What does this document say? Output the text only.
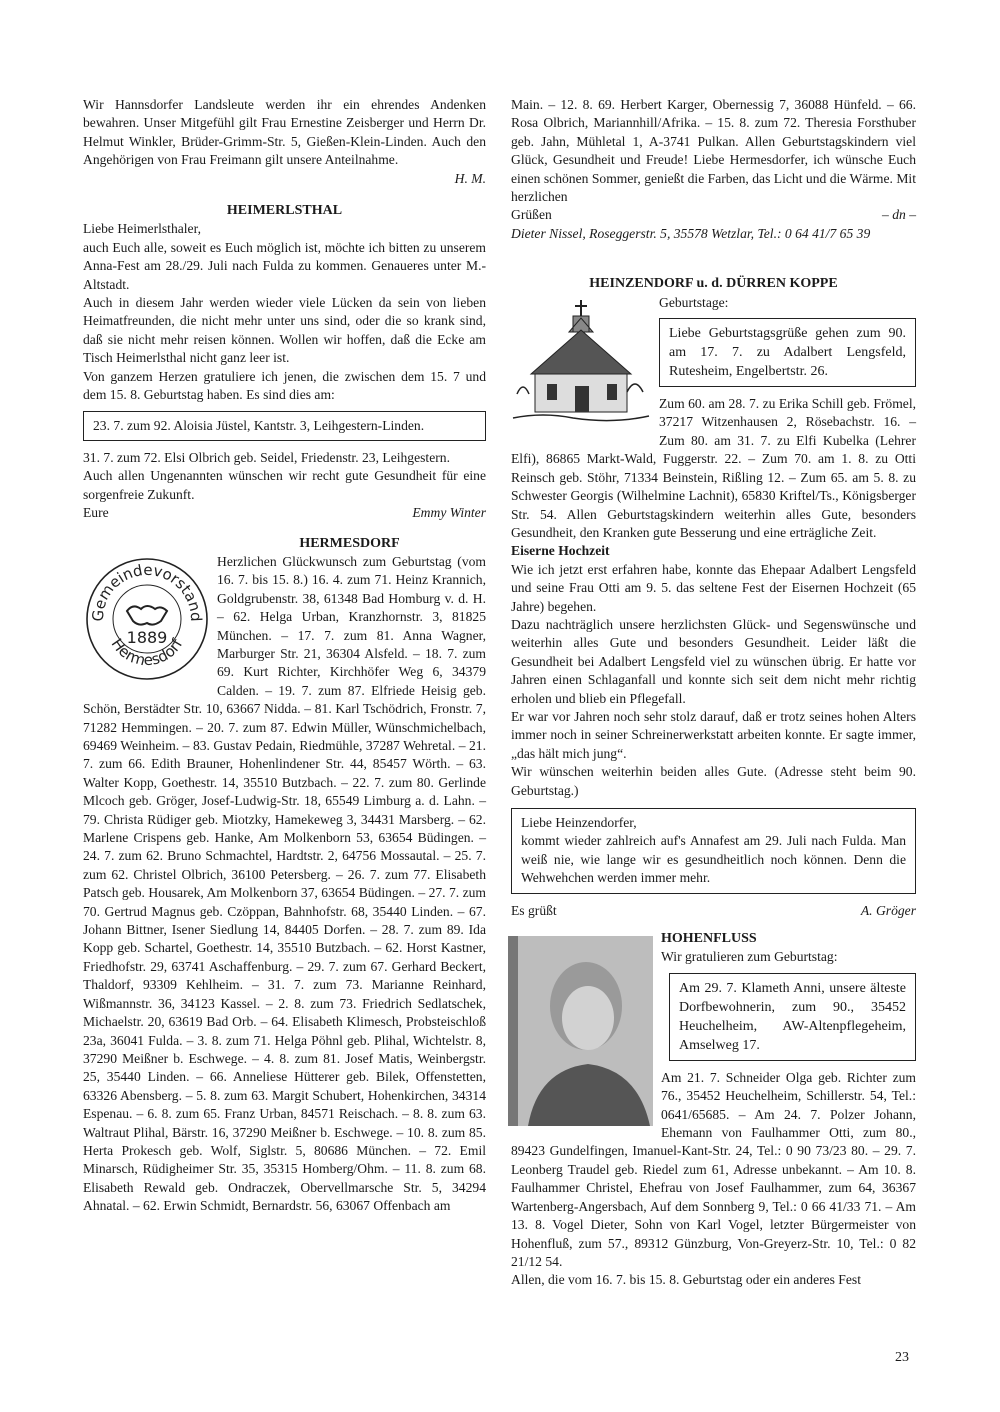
Wir Hannsdorfer Landsleute werden ihr ein ehrendes Andenken bewahren. Unser Mitgefühl gilt Frau Ernestine Zeisberger und Herrn Dr. Helmut Winkler, Brüder-Grimm-Str. 5, Gießen-Klein-Linden. Auch den Angehörigen von Frau Freimann gilt unsere Anteilnahme.

H. M.

HEIMERLSTHAL

Liebe Heimerlsthaler,

auch Euch alle, soweit es Euch möglich ist, möchte ich bitten zu unserem Anna-Fest am 28./29. Juli nach Fulda zu kommen. Genaueres unter M.-Altstadt.

Auch in diesem Jahr werden wieder viele Lücken da sein von lieben Heimatfreunden, die nicht mehr unter uns sind, oder die so krank sind, daß sie nicht mehr reisen können. Wollen wir hoffen, daß die Ecke am Tisch Heimerlsthal nicht ganz leer ist.

Von ganzem Herzen gratuliere ich jenen, die zwischen dem 15. 7 und dem 15. 8. Geburtstag haben. Es sind dies am:

23. 7. zum 92. Aloisia Jüstel, Kantstr. 3, Leihgestern-Linden.

31. 7. zum 72. Elsi Olbrich geb. Seidel, Friedenstr. 23, Leihgestern.

Auch allen Ungenannten wünschen wir recht gute Gesundheit für eine sorgenfreie Zukunft.

Eure	Emmy Winter

HERMESDORF

Gemeindevorstand
Hermesdorf
1889

Herzlichen Glückwunsch zum Geburtstag (vom 16. 7. bis 15. 8.) 16. 4. zum 71. Heinz Krannich, Goldgrubenstr. 38, 61348 Bad Homburg v. d. H. – 62. Helga Urban, Kranzhornstr. 3, 81825 München. – 17. 7. zum 81. Anna Wagner, Marburger Str. 21, 36304 Alsfeld. – 18. 7. zum 69. Kurt Richter, Kirchhöfer Weg 6, 34379 Calden. – 19. 7. zum 87. Elfriede Heisig geb. Schön, Berstädter Str. 10, 63667 Nidda. – 81. Karl Tschödrich, Fronstr. 7, 71282 Hemmingen. – 20. 7. zum 87. Edwin Müller, Wünschmichelbach, 69469 Weinheim. – 83. Gustav Pedain, Riedmühle, 37287 Wehretal. – 21. 7. zum 66. Edith Brauner, Hohenlindener Str. 44, 85457 Wörth. – 63. Walter Kopp, Goethestr. 14, 35510 Butzbach. – 22. 7. zum 80. Gerlinde Mlcoch geb. Gröger, Josef-Ludwig-Str. 18, 65549 Limburg a. d. Lahn. – 79. Christa Rüdiger geb. Miotzky, Hamekeweg 3, 34431 Marsberg. – 62. Marlene Crispens geb. Hanke, Am Molkenborn 53, 63654 Büdingen. – 24. 7. zum 62. Bruno Schmachtel, Hardtstr. 2, 64756 Mossautal. – 25. 7. zum 62. Christel Olbrich, 36100 Petersberg. – 26. 7. zum 77. Elisabeth Patsch geb. Housarek, Am Molkenborn 37, 63654 Büdingen. – 27. 7. zum 70. Gertrud Magnus geb. Czöppan, Bahnhofstr. 68, 35440 Linden. – 67. Johann Bittner, Isener Siedlung 14, 84405 Dorfen. – 28. 7. zum 89. Ida Kopp geb. Schartel, Goethestr. 14, 35510 Butzbach. – 62. Horst Kastner, Friedhofstr. 29, 63741 Aschaffenburg. – 29. 7. zum 67. Gerhard Beckert, Thaldorf, 93309 Kehlheim. – 31. 7. zum 73. Marianne Reinhard, Wißmannstr. 36, 34123 Kassel. – 2. 8. zum 73. Friedrich Sedlatschek, Michaelstr. 20, 63619 Bad Orb. – 64. Elisabeth Klimesch, Probsteischloß 23a, 36041 Fulda. – 3. 8. zum 71. Helga Pöhnl geb. Plihal, Wichtelstr. 8, 37290 Meißner b. Eschwege. – 4. 8. zum 81. Josef Matis, Weinbergstr. 25, 35440 Linden. – 66. Anneliese Hütterer geb. Bilek, Offenstetten, 63326 Abensberg. – 5. 8. zum 63. Margit Schubert, Hohenkirchen, 34314 Espenau. – 6. 8. zum 65. Franz Urban, 84571 Reischach. – 8. 8. zum 63. Waltraut Plihal, Bärstr. 16, 37290 Meißner b. Eschwege. – 10. 8. zum 85. Herta Prokesch geb. Wolf, Siglstr. 5, 80686 München. – 72. Emil Minarsch, Rüdigheimer Str. 35, 35315 Homberg/Ohm. – 11. 8. zum 68. Elisabeth Rewald geb. Ondraczek, Obervellmarsche Str. 5, 34294 Ahnatal. – 62. Erwin Schmidt, Bernardstr. 56, 63067 Offenbach am

Main. – 12. 8. 69. Herbert Karger, Obernessig 7, 36088 Hünfeld. – 66. Rosa Olbrich, Mariannhill/Afrika. – 15. 8. zum 72. Theresia Forsthuber geb. Jahn, Mühletal 1, A-3741 Pulkan. Allen Geburtstagskindern viel Glück, Gesundheit und Freude! Liebe Hermesdorfer, ich wünsche Euch einen schönen Sommer, genießt die Farben, das Licht und die Wärme. Mit herzlichen

Grüßen	– dn –

Dieter Nissel, Roseggerstr. 5, 35578 Wetzlar, Tel.: 0 64 41/7 65 39

HEINZENDORF u. d. DÜRREN KOPPE

Geburtstage:

Liebe Geburtstagsgrüße gehen zum 90. am 17. 7. zu Adalbert Lengsfeld, Rutesheim, Engelbertstr. 26.

Zum 60. am 28. 7. zu Erika Schill geb. Frömel, 37217 Witzenhausen 2, Rösebachstr. 16. – Zum 80. am 31. 7. zu Elfi Kubelka (Lehrer Elfi), 86865 Markt-Wald, Fuggerstr. 22. – Zum 70. am 1. 8. zu Otti Reinsch geb. Stöhr, 71334 Beinstein, Rißling 12. – Zum 65. am 5. 8. zu Schwester Georgis (Wilhelmine Lachnit), 65830 Kriftel/Ts., Königsberger Str. 54. Allen Geburtstagskindern weiterhin alles Gute, besonders Gesundheit, den Kranken gute Besserung und eine erträgliche Zeit.

Eiserne Hochzeit

Wie ich jetzt erst erfahren habe, konnte das Ehepaar Adalbert Lengsfeld und seine Frau Otti am 9. 5. das seltene Fest der Eisernen Hochzeit (65 Jahre) begehen.

Dazu nachträglich unsere herzlichsten Glück- und Segenswünsche und weiterhin alles Gute und besonders Gesundheit. Leider läßt die Gesundheit bei Adalbert Lengsfeld viel zu wünschen übrig. Er hatte vor Jahren einen Schlaganfall und konnte sich seit dem nicht mehr richtig erholen und blieb ein Pflegefall.

Er war vor Jahren noch sehr stolz darauf, daß er trotz seines hohen Alters immer noch in seiner Schreinerwerkstatt arbeiten konnte. Er sagte immer, „das hält mich jung“.

Wir wünschen weiterhin beiden alles Gute. (Adresse steht beim 90. Geburtstag.)

Liebe Heinzendorfer,

kommt wieder zahlreich auf's Annafest am 29. Juli nach Fulda. Man weiß nie, wie lange wir es gesundheitlich noch können. Denn die Wehwehchen werden immer mehr.

Es grüßt	A. Gröger

HOHENFLUSS

Wir gratulieren zum Geburtstag:

Am 29. 7. Klameth Anni, unsere älteste Dorfbewohnerin, zum 90., 35452 Heuchelheim, AW-Altenpflegeheim, Amselweg 17.

Am 21. 7. Schneider Olga geb. Richter zum 76., 35452 Heuchelheim, Schillerstr. 54, Tel.: 0641/65685. – Am 24. 7. Polzer Johann, Ehemann von Faulhammer Otti, zum 80., 89423 Gundelfingen, Imanuel-Kant-Str. 24, Tel.: 0 90 73/23 80. – 29. 7. Leonberg Traudel geb. Riedel zum 61, Adresse unbekannt. – Am 10. 8. Faulhammer Christel, Ehefrau von Josef Faulhammer, zum 64, 36367 Wartenberg-Angersbach, Auf dem Sonnberg 9, Tel.: 0 66 41/33 71. – Am 13. 8. Vogel Dieter, Sohn von Karl Vogel, letzter Bürgermeister von Hohenfluß, zum 57., 89312 Günzburg, Von-Greyerz-Str. 10, Tel.: 0 82 21/12 54.

Allen, die vom 16. 7. bis 15. 8. Geburtstag oder ein anderes Fest

23
